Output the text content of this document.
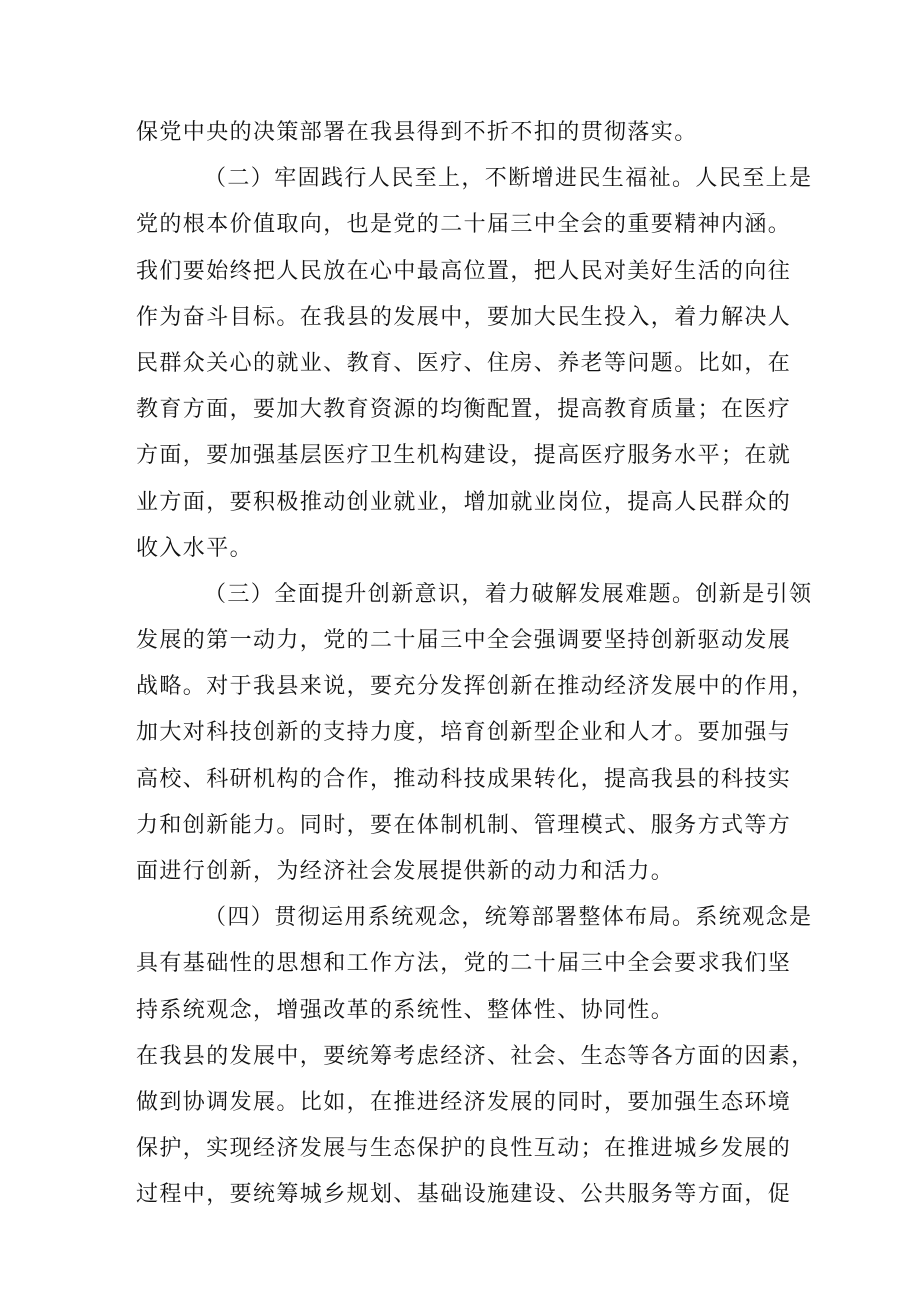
保党中央的决策部署在我县得到不折不扣的贯彻落实。
（二）牢固践行人民至上，不断增进民生福祉。人民至上是
党的根本价值取向，也是党的二十届三中全会的重要精神内涵。
我们要始终把人民放在心中最高位置，把人民对美好生活的向往
作为奋斗目标。在我县的发展中，要加大民生投入，着力解决人
民群众关心的就业、教育、医疗、住房、养老等问题。比如，在
教育方面，要加大教育资源的均衡配置，提高教育质量；在医疗
方面，要加强基层医疗卫生机构建设，提高医疗服务水平；在就
业方面，要积极推动创业就业，增加就业岗位，提高人民群众的
收入水平。
（三）全面提升创新意识，着力破解发展难题。创新是引领
发展的第一动力，党的二十届三中全会强调要坚持创新驱动发展
战略。对于我县来说，要充分发挥创新在推动经济发展中的作用，
加大对科技创新的支持力度，培育创新型企业和人才。要加强与
高校、科研机构的合作，推动科技成果转化，提高我县的科技实
力和创新能力。同时，要在体制机制、管理模式、服务方式等方
面进行创新，为经济社会发展提供新的动力和活力。
（四）贯彻运用系统观念，统筹部署整体布局。系统观念是
具有基础性的思想和工作方法，党的二十届三中全会要求我们坚
持系统观念，增强改革的系统性、整体性、协同性。
在我县的发展中，要统筹考虑经济、社会、生态等各方面的因素，
做到协调发展。比如，在推进经济发展的同时，要加强生态环境
保护，实现经济发展与生态保护的良性互动；在推进城乡发展的
过程中，要统筹城乡规划、基础设施建设、公共服务等方面，促
